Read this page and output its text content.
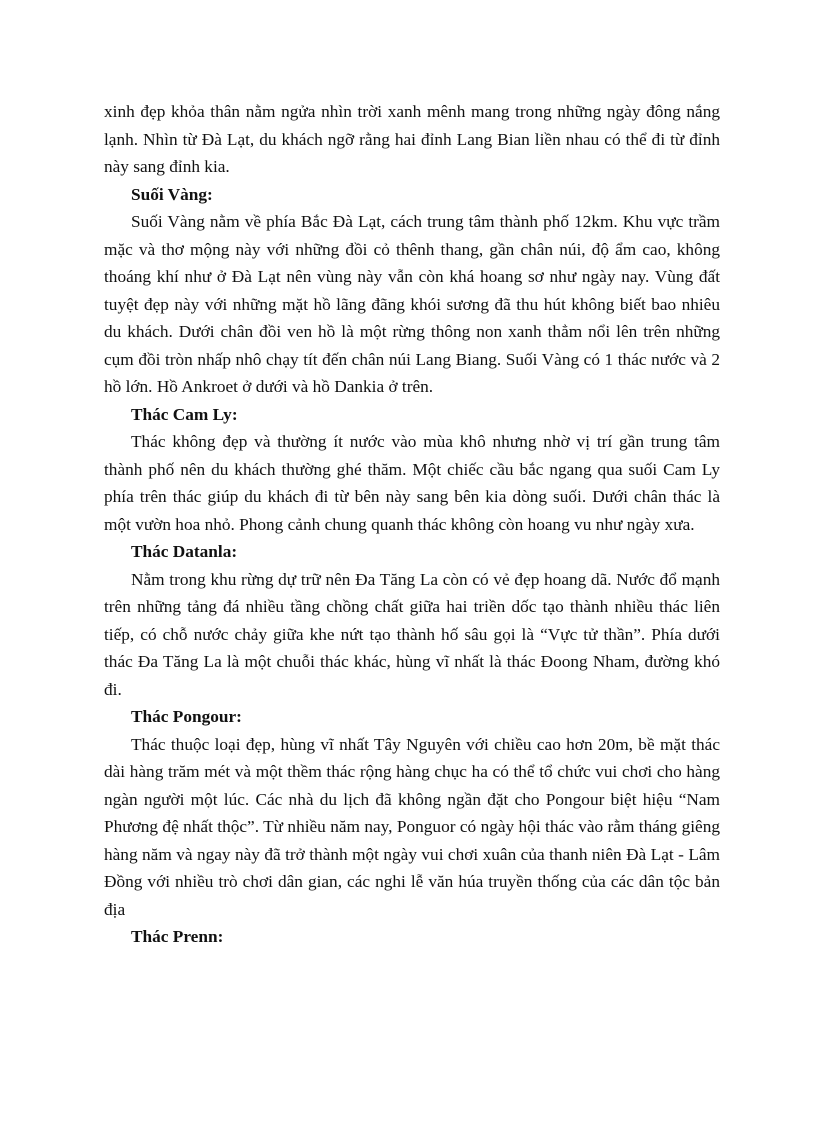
xinh đẹp khỏa thân nằm ngửa nhìn trời xanh mênh mang trong những ngày đông nắng lạnh. Nhìn từ Đà Lạt, du khách ngỡ rằng hai đỉnh Lang Bian liền nhau có thể đi từ đỉnh này sang đỉnh kia.

Suối Vàng:

Suối Vàng nằm về phía Bắc Đà Lạt, cách trung tâm thành phố 12km. Khu vực trầm mặc và thơ mộng này với những đồi cỏ thênh thang, gần chân núi, độ ẩm cao, không thoáng khí như ở Đà Lạt nên vùng này vẫn còn khá hoang sơ như ngày nay. Vùng đất tuyệt đẹp này với những mặt hồ lãng đãng khói sương đã thu hút không biết bao nhiêu du khách. Dưới chân đồi ven hồ là một rừng thông non xanh thẳm nổi lên trên những cụm đồi tròn nhấp nhô chạy tít đến chân núi Lang Biang. Suối Vàng có 1 thác nước và 2 hồ lớn. Hồ Ankroet ở dưới và hồ Dankia ở trên.

Thác Cam Ly:

Thác không đẹp và thường ít nước vào mùa khô nhưng nhờ vị trí gần trung tâm thành phố nên du khách thường ghé thăm. Một chiếc cầu bắc ngang qua suối Cam Ly phía trên thác giúp du khách đi từ bên này sang bên kia dòng suối. Dưới chân thác là một vườn hoa nhỏ. Phong cảnh chung quanh thác không còn hoang vu như ngày xưa.

Thác Datanla:

Nằm trong khu rừng dự trữ nên Đa Tăng La còn có vẻ đẹp hoang dã. Nước đổ mạnh trên những tảng đá nhiều tầng chồng chất giữa hai triền dốc tạo thành nhiều thác liên tiếp, có chỗ nước chảy giữa khe nứt tạo thành hố sâu gọi là “Vực tử thần”. Phía dưới thác Đa Tăng La là một chuỗi thác khác, hùng vĩ nhất là thác Đoong Nham, đường khó đi.

Thác Pongour:

Thác thuộc loại đẹp, hùng vĩ nhất Tây Nguyên với chiều cao hơn 20m, bề mặt thác dài hàng trăm mét và một thềm thác rộng hàng chục ha có thể tổ chức vui chơi cho hàng ngàn người một lúc. Các nhà du lịch đã không ngần đặt cho Pongour biệt hiệu “Nam Phương đệ nhất thộc”. Từ nhiều năm nay, Ponguor có ngày hội thác vào rằm tháng giêng hàng năm và ngay này đã trở thành một ngày vui chơi xuân của thanh niên Đà Lạt - Lâm Đồng với nhiều trò chơi dân gian, các nghi lễ văn húa truyền thống của các dân tộc bản địa

Thác Prenn:
